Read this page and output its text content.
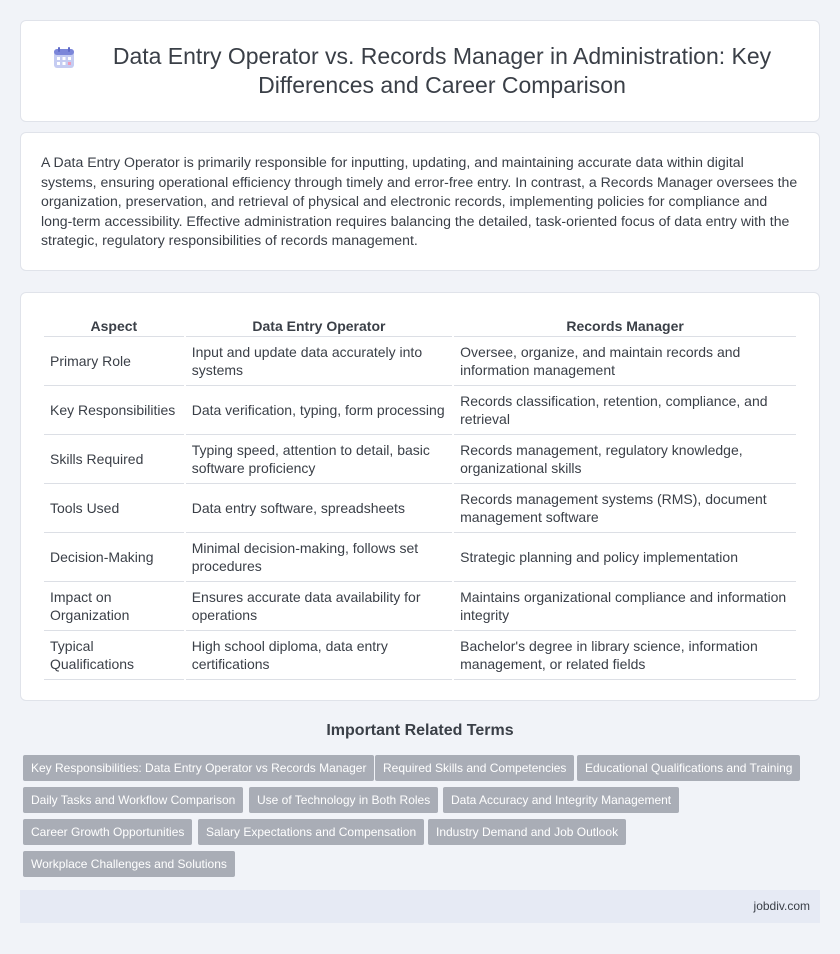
Data Entry Operator vs. Records Manager in Administration: Key Differences and Career Comparison

A Data Entry Operator is primarily responsible for inputting, updating, and maintaining accurate data within digital systems, ensuring operational efficiency through timely and error-free entry. In contrast, a Records Manager oversees the organization, preservation, and retrieval of physical and electronic records, implementing policies for compliance and long-term accessibility. Effective administration requires balancing the detailed, task-oriented focus of data entry with the strategic, regulatory responsibilities of records management.

Aspect	Data Entry Operator	Records Manager
Primary Role	Input and update data accurately into systems	Oversee, organize, and maintain records and information management
Key Responsibilities	Data verification, typing, form processing	Records classification, retention, compliance, and retrieval
Skills Required	Typing speed, attention to detail, basic software proficiency	Records management, regulatory knowledge, organizational skills
Tools Used	Data entry software, spreadsheets	Records management systems (RMS), document management software
Decision-Making	Minimal decision-making, follows set procedures	Strategic planning and policy implementation
Impact on Organization	Ensures accurate data availability for operations	Maintains organizational compliance and information integrity
Typical Qualifications	High school diploma, data entry certifications	Bachelor's degree in library science, information management, or related fields
Important Related Terms
Key Responsibilities: Data Entry Operator vs Records Manager	Required Skills and Competencies	Educational Qualifications and Training
Daily Tasks and Workflow Comparison	Use of Technology in Both Roles	Data Accuracy and Integrity Management
Career Growth Opportunities	Salary Expectations and Compensation	Industry Demand and Job Outlook
Workplace Challenges and Solutions
jobdiv.com
